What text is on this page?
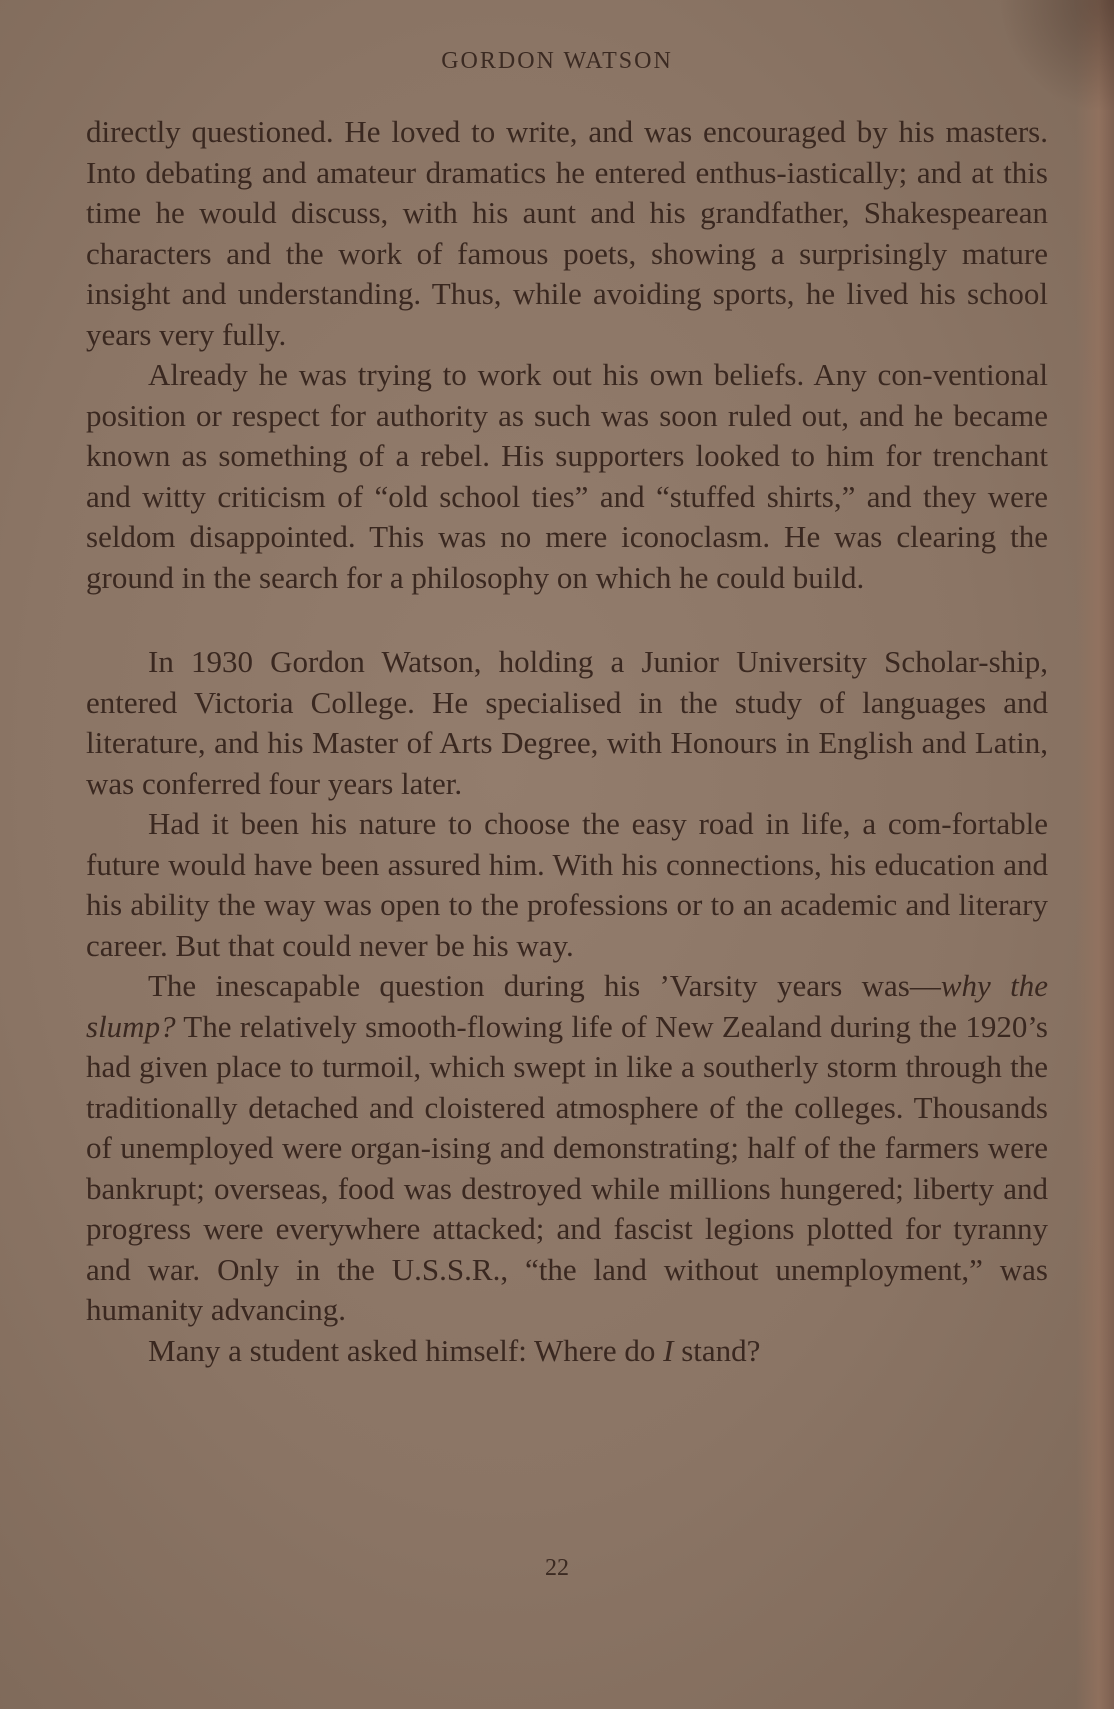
GORDON WATSON

directly questioned. He loved to write, and was encouraged by his masters. Into debating and amateur dramatics he entered enthus-iastically; and at this time he would discuss, with his aunt and his grandfather, Shakespearean characters and the work of famous poets, showing a surprisingly mature insight and understanding. Thus, while avoiding sports, he lived his school years very fully.

Already he was trying to work out his own beliefs. Any con-ventional position or respect for authority as such was soon ruled out, and he became known as something of a rebel. His supporters looked to him for trenchant and witty criticism of “old school ties” and “stuffed shirts,” and they were seldom disappointed. This was no mere iconoclasm. He was clearing the ground in the search for a philosophy on which he could build.

In 1930 Gordon Watson, holding a Junior University Scholar-ship, entered Victoria College. He specialised in the study of languages and literature, and his Master of Arts Degree, with Honours in English and Latin, was conferred four years later.

Had it been his nature to choose the easy road in life, a com-fortable future would have been assured him. With his connections, his education and his ability the way was open to the professions or to an academic and literary career. But that could never be his way.

The inescapable question during his ’Varsity years was—why the slump? The relatively smooth-flowing life of New Zealand during the 1920’s had given place to turmoil, which swept in like a southerly storm through the traditionally detached and cloistered atmosphere of the colleges. Thousands of unemployed were organ-ising and demonstrating; half of the farmers were bankrupt; overseas, food was destroyed while millions hungered; liberty and progress were everywhere attacked; and fascist legions plotted for tyranny and war. Only in the U.S.S.R., “the land without unemployment,” was humanity advancing.

Many a student asked himself: Where do I stand?

22
